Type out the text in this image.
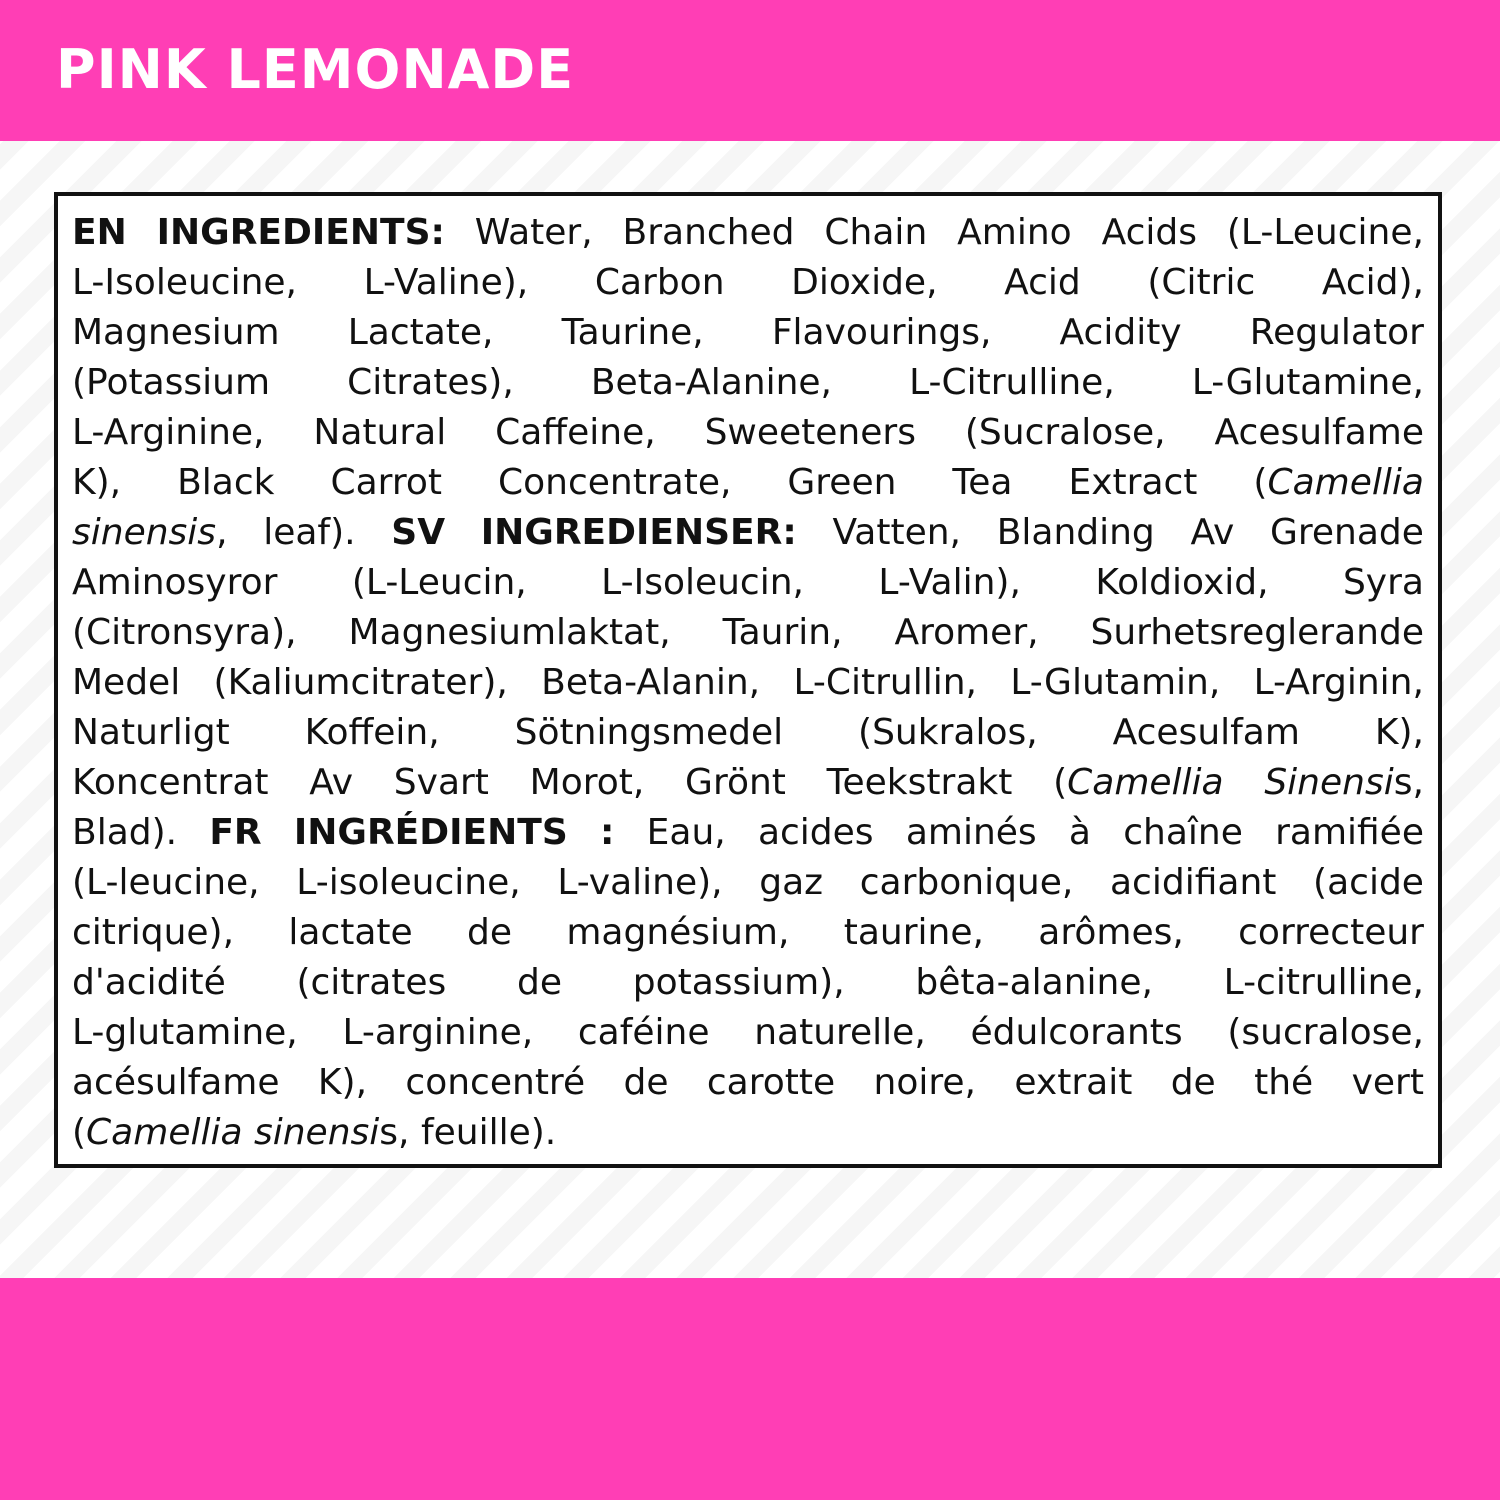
PINK LEMONADE
EN INGREDIENTS: Water, Branched Chain Amino Acids (L-Leucine,
L-Isoleucine, L-Valine), Carbon Dioxide, Acid (Citric Acid),
Magnesium Lactate, Taurine, Flavourings, Acidity Regulator
(Potassium Citrates), Beta-Alanine, L-Citrulline, L-Glutamine,
L-Arginine, Natural Caffeine, Sweeteners (Sucralose, Acesulfame
K), Black Carrot Concentrate, Green Tea Extract (Camellia
sinensis, leaf). SV INGREDIENSER: Vatten, Blanding Av Grenade
Aminosyror (L-Leucin, L-Isoleucin, L-Valin), Koldioxid, Syra
(Citronsyra), Magnesiumlaktat, Taurin, Aromer, Surhetsreglerande
Medel (Kaliumcitrater), Beta-Alanin, L-Citrullin, L-Glutamin, L-Arginin,
Naturligt Koffein, Sötningsmedel (Sukralos, Acesulfam K),
Koncentrat Av Svart Morot, Grönt Teekstrakt (Camellia Sinensis,
Blad). FR INGRÉDIENTS : Eau, acides aminés à chaîne ramifiée
(L-leucine, L-isoleucine, L-valine), gaz carbonique, acidifiant (acide
citrique), lactate de magnésium, taurine, arômes, correcteur
d'acidité (citrates de potassium), bêta-alanine, L-citrulline,
L-glutamine, L-arginine, caféine naturelle, édulcorants (sucralose,
acésulfame K), concentré de carotte noire, extrait de thé vert
(Camellia
sinensis,
feuille).
